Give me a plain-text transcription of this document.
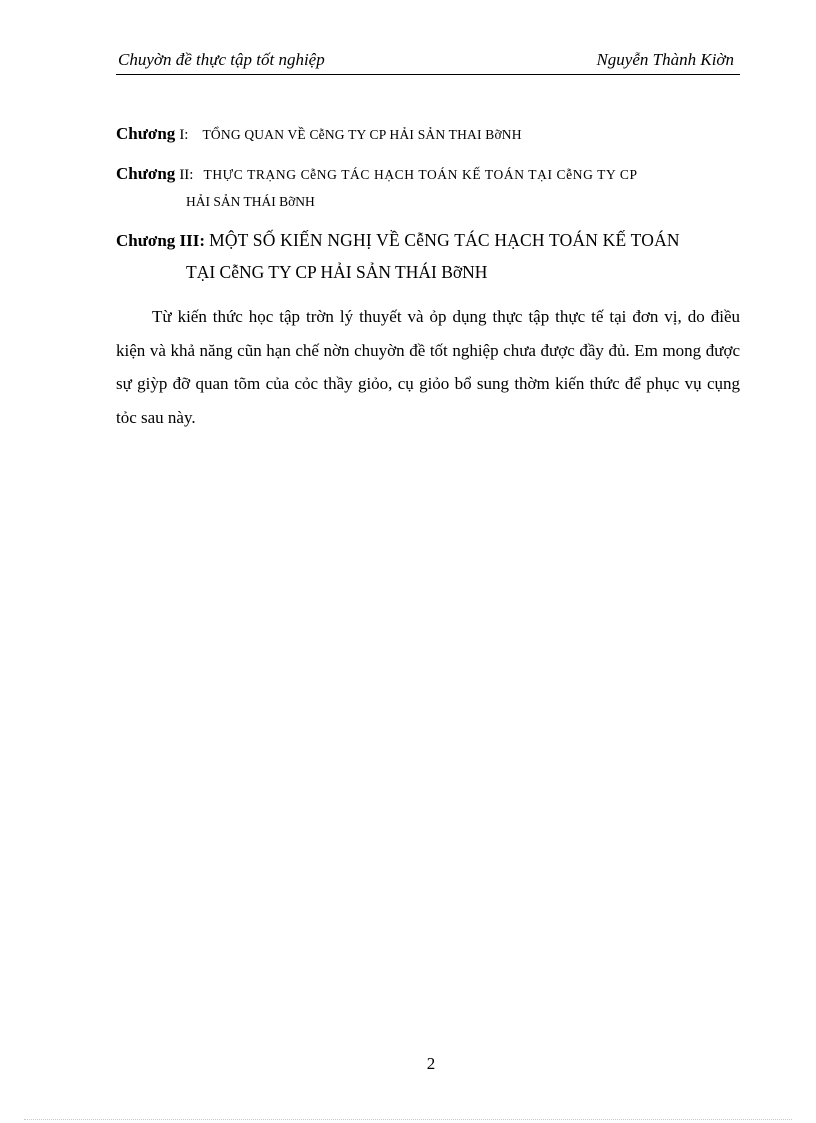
Chuyờn đề thực tập tốt nghiệp	Nguyễn Thành Kiờn
Chương I: TỔNG QUAN VỀ CễNG TY CP HẢI SẢN THAI BỡNH
Chương II: THỰC TRẠNG CễNG TÁC HẠCH TOÁN KẾ TOÁN TẠI CễNG TY CP
HẢI SẢN THÁI BỡNH
Chương III: MỘT SỐ KIẾN NGHỊ VỀ CễNG TÁC HẠCH TOÁN KẾ TOÁN
TẠI CễNG TY CP HẢI SẢN THÁI BỡNH

Từ kiến thức học tập trờn lý thuyết và ỏp dụng thực tập thực tế tại đơn vị, do điều kiện và khả năng cũn hạn chế nờn chuyờn đề tốt nghiệp chưa được đầy đủ. Em mong được sự giỳp đỡ quan tõm của cỏc thầy giỏo, cụ giỏo bổ sung thờm kiến thức để phục vụ cụng tỏc sau này.

2
